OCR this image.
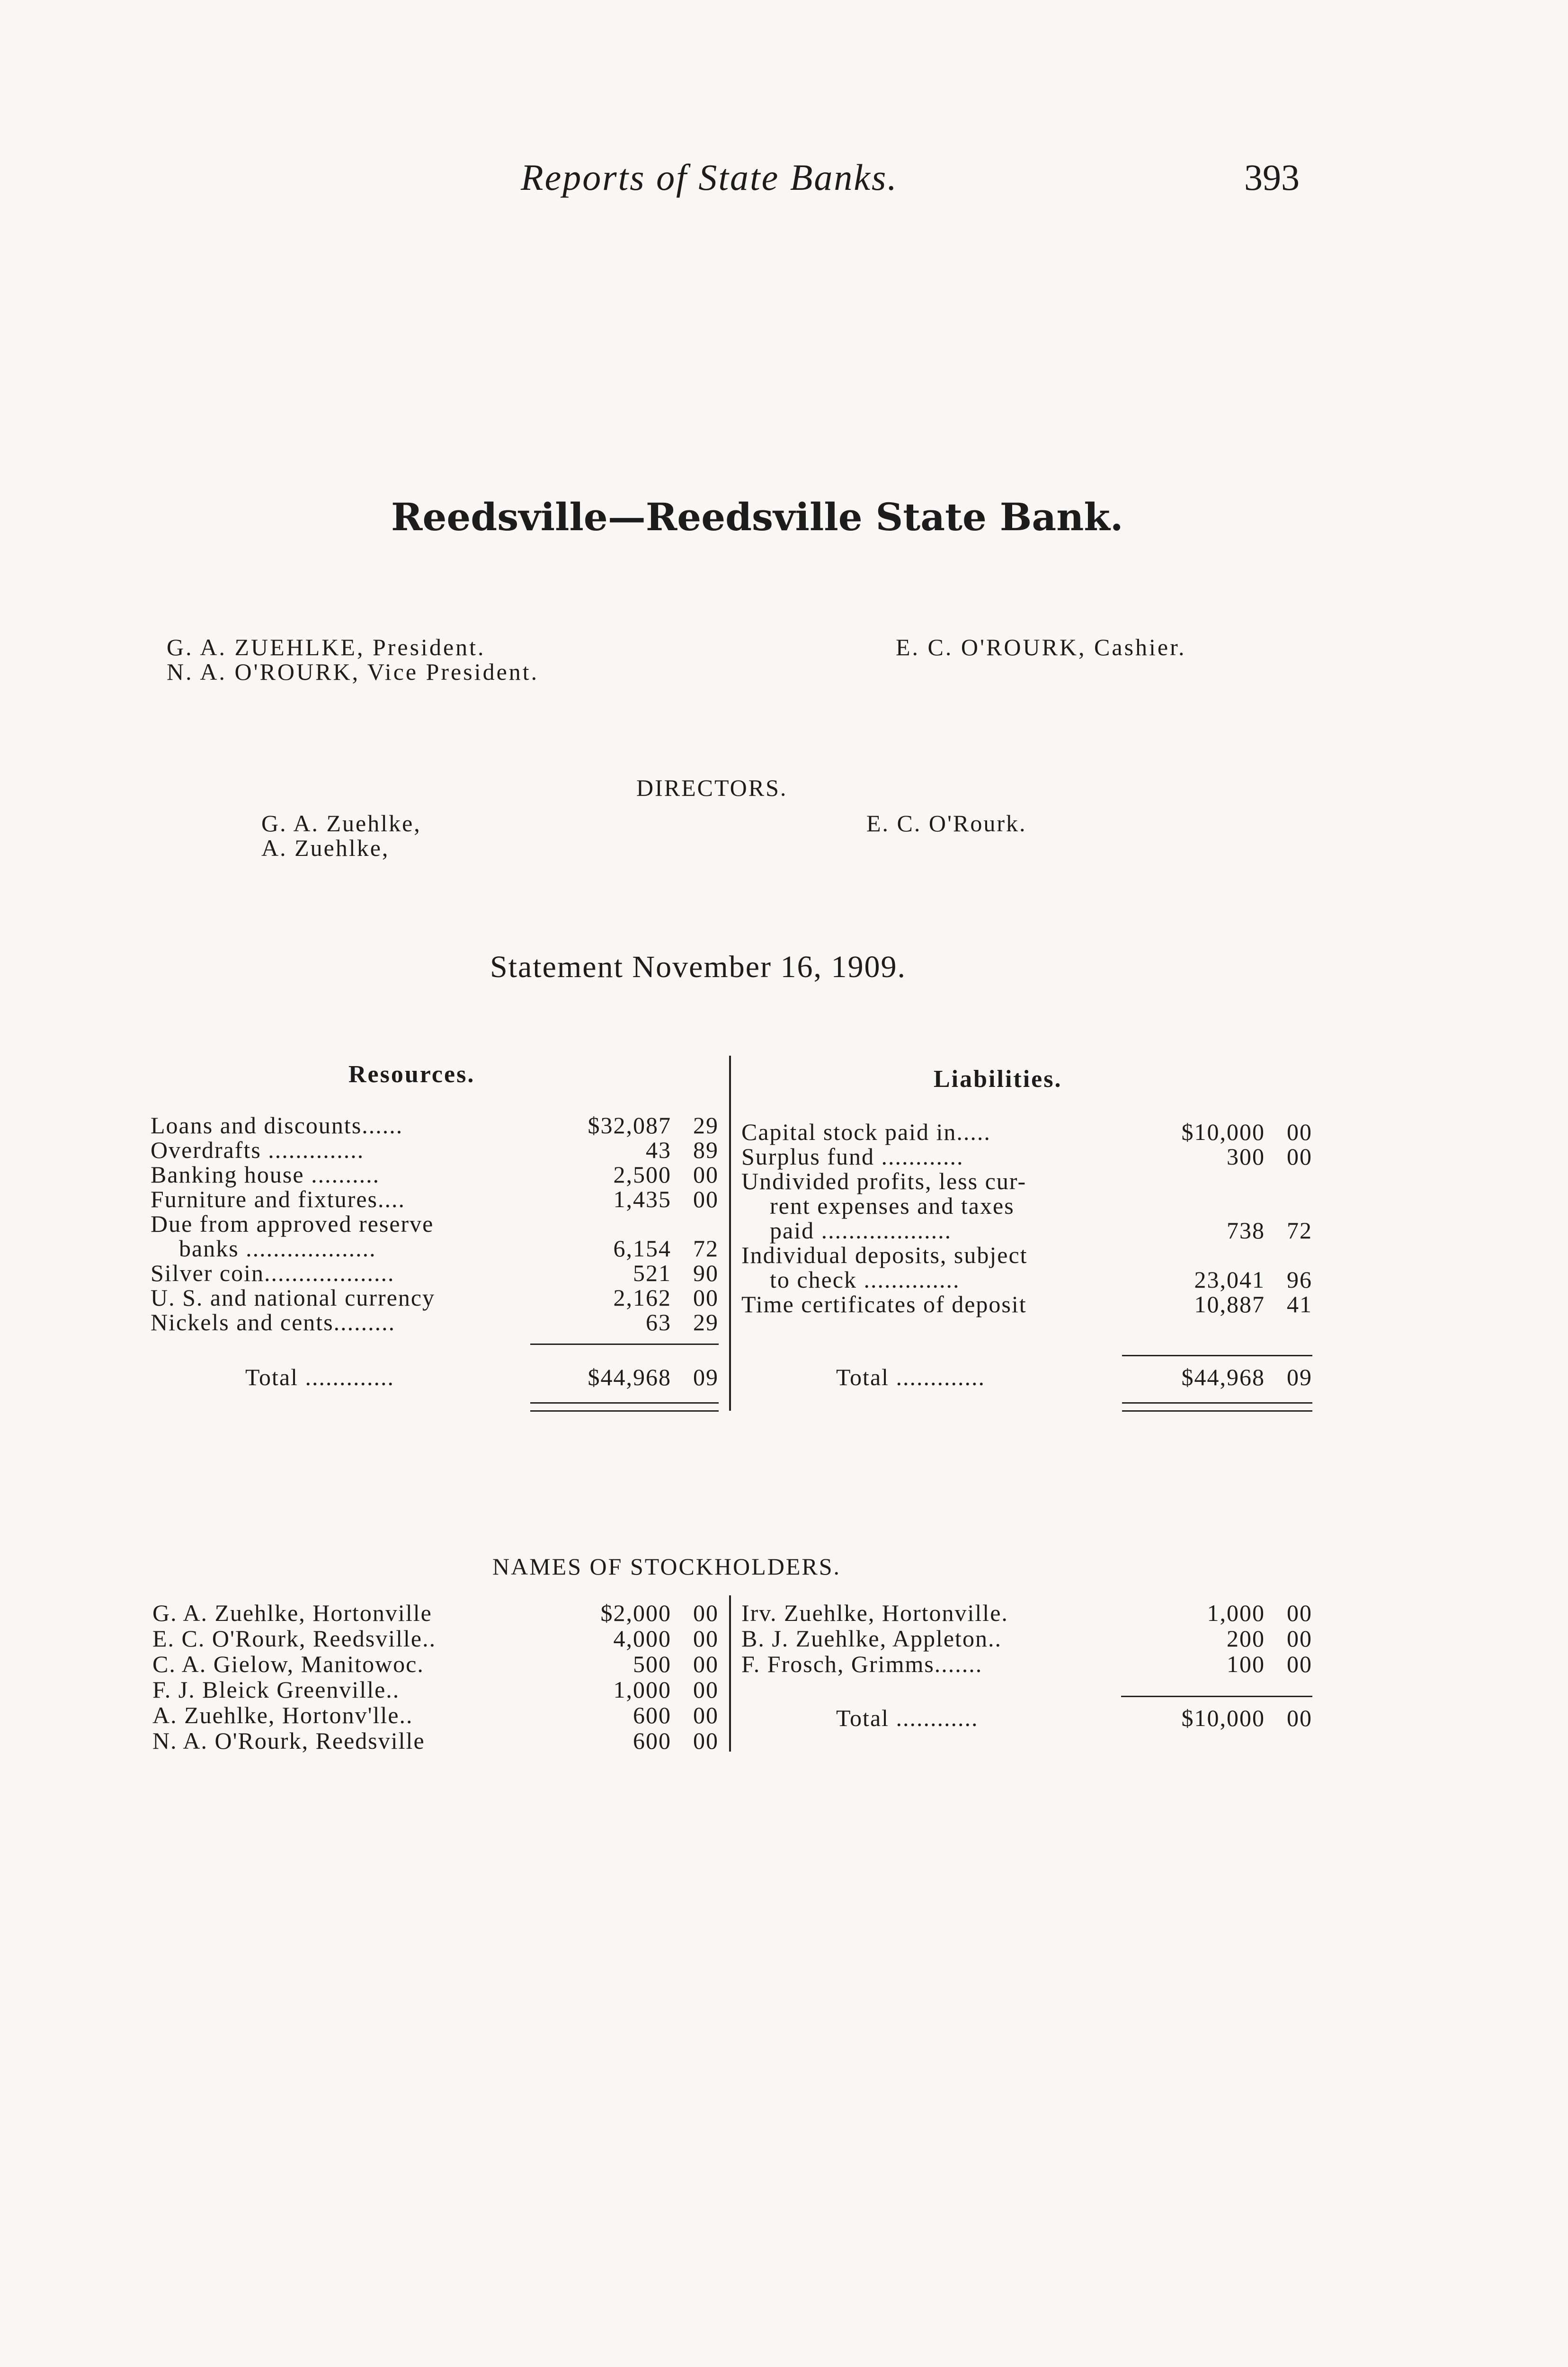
Reports of State Banks.	393
Reedsville—Reedsville State Bank.
G. A. ZUEHLKE, President.
N. A. O'ROURK, Vice President.
E. C. O'ROURK, Cashier.
DIRECTORS.
G. A. Zuehlke,
A. Zuehlke,
E. C. O'Rourk.
Statement November 16, 1909.
Resources.	Liabilities.
Loans and discounts......	$32,087 29
Overdrafts ..............	43 89
Banking house ..........	2,500 00
Furniture and fixtures....	1,435 00
Due from approved reserve
banks ...................	6,154 72
Silver coin...................	521 90
U. S. and national currency	2,162 00
Nickels and cents.........	63 29
Total .............	$44,968 09
Capital stock paid in.....	$10,000 00
Surplus fund ............	300 00
Undivided profits, less cur-
rent expenses and taxes
paid ...................	738 72
Individual deposits, subject
to check ..............	23,041 96
Time certificates of deposit	10,887 41
Total .............	$44,968 09
NAMES OF STOCKHOLDERS.
G. A. Zuehlke, Hortonville	$2,000 00
E. C. O'Rourk, Reedsville..	4,000 00
C. A. Gielow, Manitowoc.	500 00
F. J. Bleick Greenville..	1,000 00
A. Zuehlke, Hortonv'lle..	600 00
N. A. O'Rourk, Reedsville	600 00
Irv. Zuehlke, Hortonville.	1,000 00
B. J. Zuehlke, Appleton..	200 00
F. Frosch, Grimms.......	100 00
Total ............	$10,000 00
